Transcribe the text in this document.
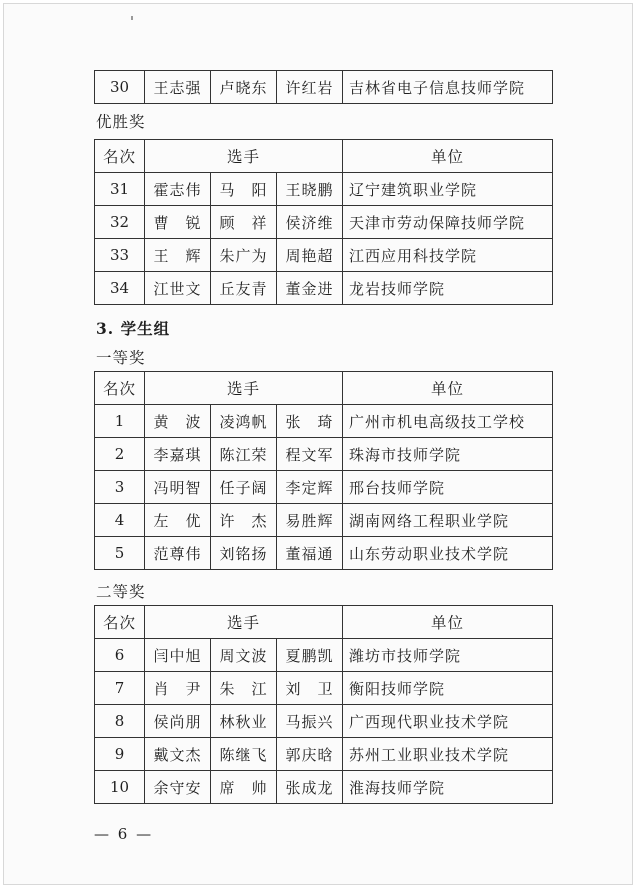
30	王志强	卢晓东	许红岩	吉林省电子信息技师学院
优胜奖
名次	选手			单位
31	霍志伟	马　阳	王晓鹏	辽宁建筑职业学院
32	曹　锐	顾　祥	侯济维	天津市劳动保障技师学院
33	王　辉	朱广为	周艳超	江西应用科技学院
34	江世文	丘友青	董金进	龙岩技师学院
3. 学生组
一等奖
名次	选手			单位
1	黄　波	凌鸿帆	张　琦	广州市机电高级技工学校
2	李嘉琪	陈江荣	程文军	珠海市技师学院
3	冯明智	任子阔	李定辉	邢台技师学院
4	左　优	许　杰	易胜辉	湖南网络工程职业学院
5	范尊伟	刘铭扬	董福通	山东劳动职业技术学院
二等奖
名次	选手			单位
6	闫中旭	周文波	夏鹏凯	潍坊市技师学院
7	肖　尹	朱　江	刘　卫	衡阳技师学院
8	侯尚朋	林秋业	马振兴	广西现代职业技术学院
9	戴文杰	陈继飞	郭庆晗	苏州工业职业技术学院
10	余守安	席　帅	张成龙	淮海技师学院
— 6 —
